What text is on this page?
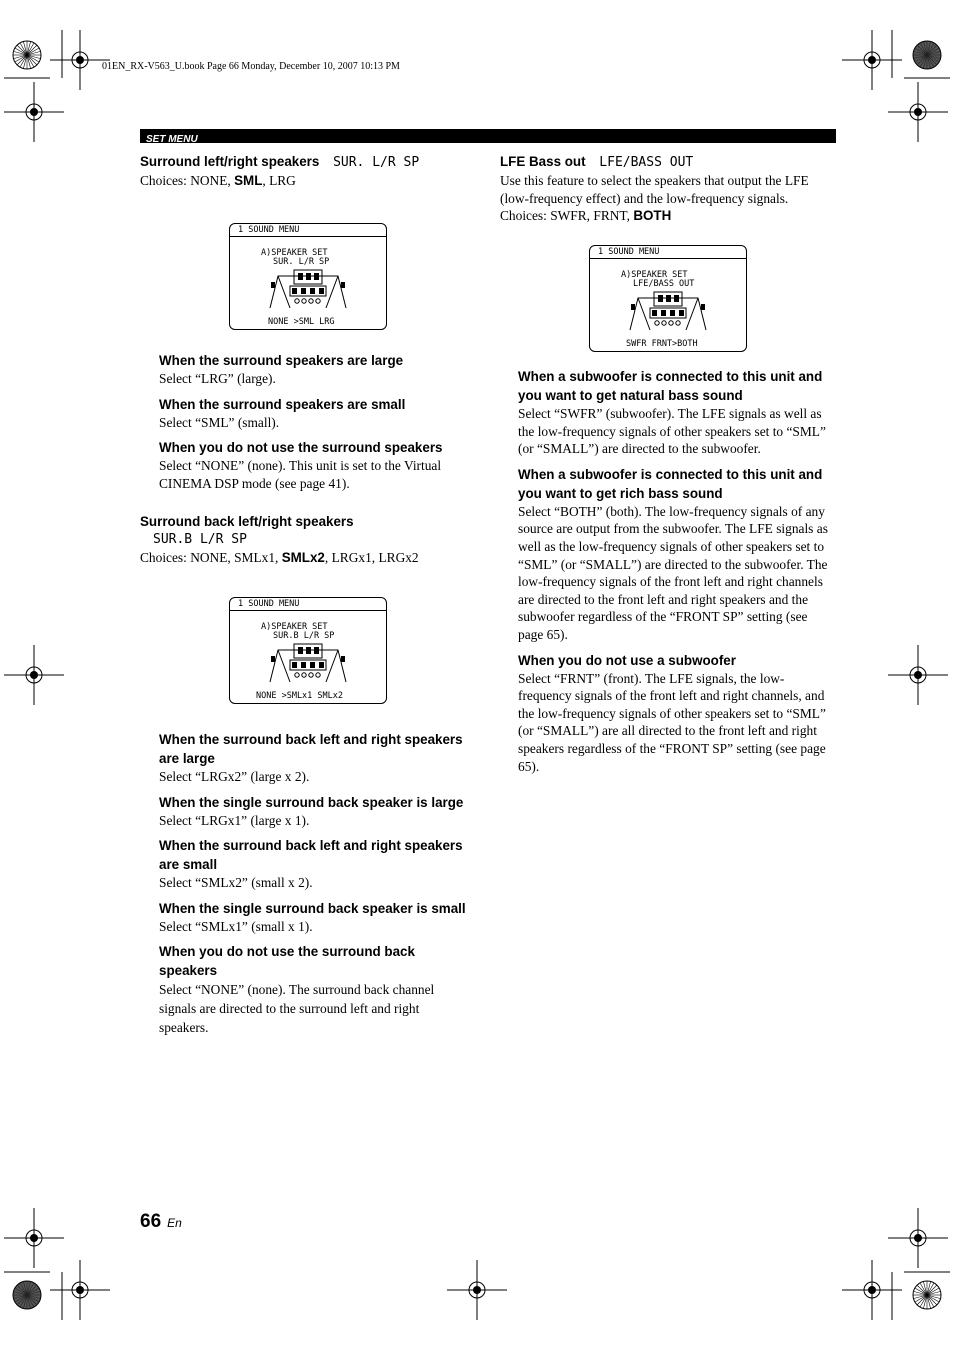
01EN_RX-V563_U.book Page 66 Monday, December 10, 2007 10:13 PM
SET MENU
Surround left/right speakers SUR. L/R SP
Choices: NONE, SML, LRG
1 SOUND MENU
A)SPEAKER SET
SUR. L/R SP
NONE >SML LRG
When the surround speakers are large
Select “LRG” (large).
When the surround speakers are small
Select “SML” (small).
When you do not use the surround speakers
Select “NONE” (none). This unit is set to the Virtual CINEMA DSP mode (see page 41).
Surround back left/right speakers
SUR.B L/R SP
Choices: NONE, SMLx1, SMLx2, LRGx1, LRGx2
1 SOUND MENU
A)SPEAKER SET
SUR.B L/R SP
NONE >SMLx1 SMLx2
When the surround back left and right speakers are large
Select “LRGx2” (large x 2).
When the single surround back speaker is large
Select “LRGx1” (large x 1).
When the surround back left and right speakers are small
Select “SMLx2” (small x 2).
When the single surround back speaker is small
Select “SMLx1” (small x 1).
When you do not use the surround back speakers
Select “NONE” (none). The surround back channel signals are directed to the surround left and right speakers.
LFE Bass out LFE/BASS OUT
Use this feature to select the speakers that output the LFE (low-frequency effect) and the low-frequency signals.
Choices: SWFR, FRNT, BOTH
1 SOUND MENU
A)SPEAKER SET
LFE/BASS OUT
SWFR FRNT>BOTH
When a subwoofer is connected to this unit and you want to get natural bass sound
Select “SWFR” (subwoofer). The LFE signals as well as the low-frequency signals of other speakers set to “SML” (or “SMALL”) are directed to the subwoofer.
When a subwoofer is connected to this unit and you want to get rich bass sound
Select “BOTH” (both). The low-frequency signals of any source are output from the subwoofer. The LFE signals as well as the low-frequency signals of other speakers set to “SML” (or “SMALL”) are directed to the subwoofer. The low-frequency signals of the front left and right channels are directed to the front left and right speakers and the subwoofer regardless of the “FRONT SP” setting (see page 65).
When you do not use a subwoofer
Select “FRNT” (front). The LFE signals, the low-frequency signals of the front left and right channels, and the low-frequency signals of other speakers set to “SML” (or “SMALL”) are all directed to the front left and right speakers regardless of the “FRONT SP” setting (see page 65).
66 En
